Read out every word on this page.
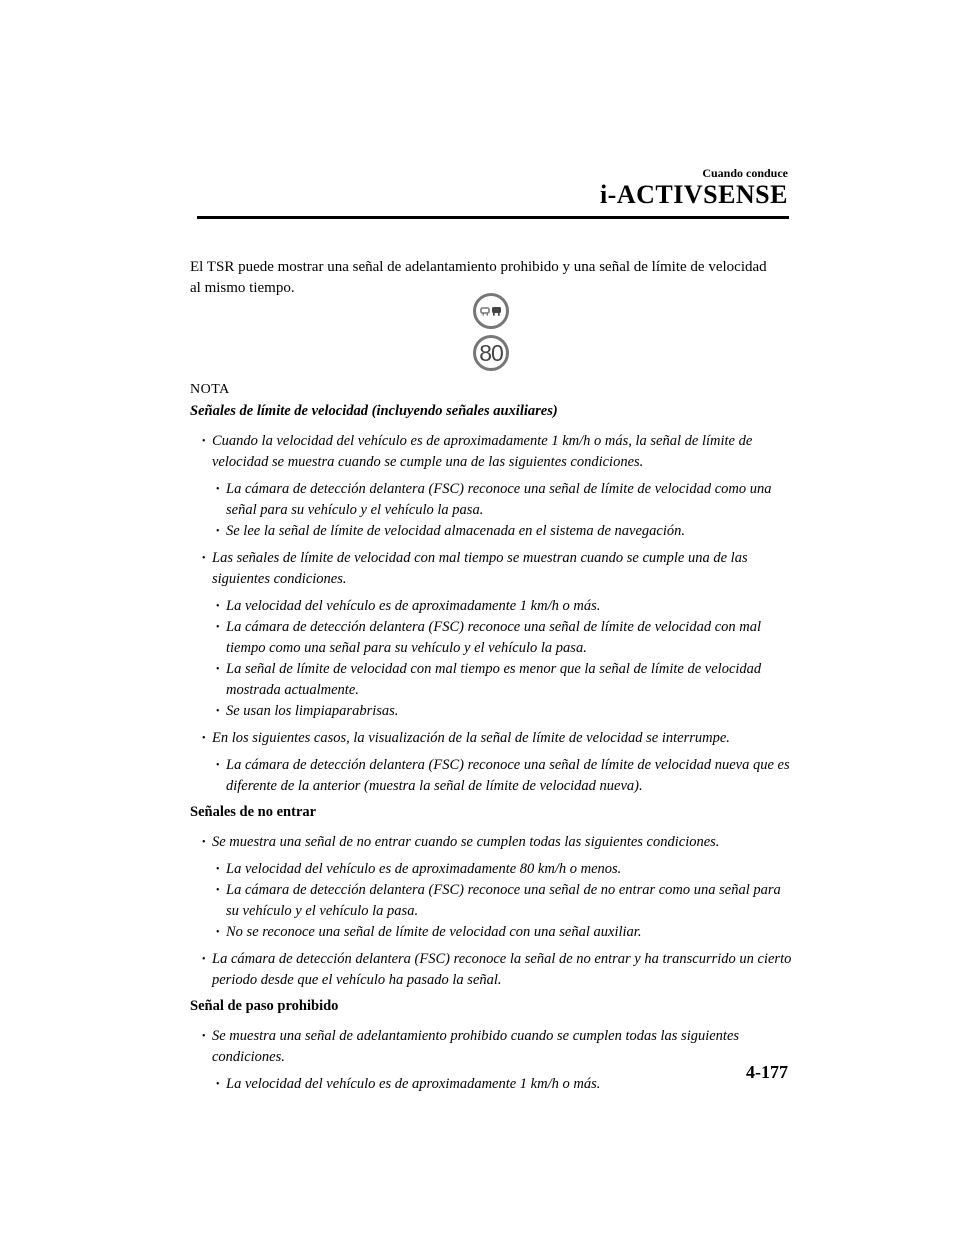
Cuando conduce
i-ACTIVSENSE
El TSR puede mostrar una señal de adelantamiento prohibido y una señal de límite de velocidad al mismo tiempo.
80
NOTA
Señales de límite de velocidad (incluyendo señales auxiliares)
• Cuando la velocidad del vehículo es de aproximadamente 1 km/h o más, la señal de límite de velocidad se muestra cuando se cumple una de las siguientes condiciones.
• La cámara de detección delantera (FSC) reconoce una señal de límite de velocidad como una señal para su vehículo y el vehículo la pasa.
• Se lee la señal de límite de velocidad almacenada en el sistema de navegación.
• Las señales de límite de velocidad con mal tiempo se muestran cuando se cumple una de las siguientes condiciones.
• La velocidad del vehículo es de aproximadamente 1 km/h o más.
• La cámara de detección delantera (FSC) reconoce una señal de límite de velocidad con mal tiempo como una señal para su vehículo y el vehículo la pasa.
• La señal de límite de velocidad con mal tiempo es menor que la señal de límite de velocidad mostrada actualmente.
• Se usan los limpiaparabrisas.
• En los siguientes casos, la visualización de la señal de límite de velocidad se interrumpe.
• La cámara de detección delantera (FSC) reconoce una señal de límite de velocidad nueva que es diferente de la anterior (muestra la señal de límite de velocidad nueva).
Señales de no entrar
• Se muestra una señal de no entrar cuando se cumplen todas las siguientes condiciones.
• La velocidad del vehículo es de aproximadamente 80 km/h o menos.
• La cámara de detección delantera (FSC) reconoce una señal de no entrar como una señal para su vehículo y el vehículo la pasa.
• No se reconoce una señal de límite de velocidad con una señal auxiliar.
• La cámara de detección delantera (FSC) reconoce la señal de no entrar y ha transcurrido un cierto periodo desde que el vehículo ha pasado la señal.
Señal de paso prohibido
• Se muestra una señal de adelantamiento prohibido cuando se cumplen todas las siguientes condiciones.
• La velocidad del vehículo es de aproximadamente 1 km/h o más.
4-177
